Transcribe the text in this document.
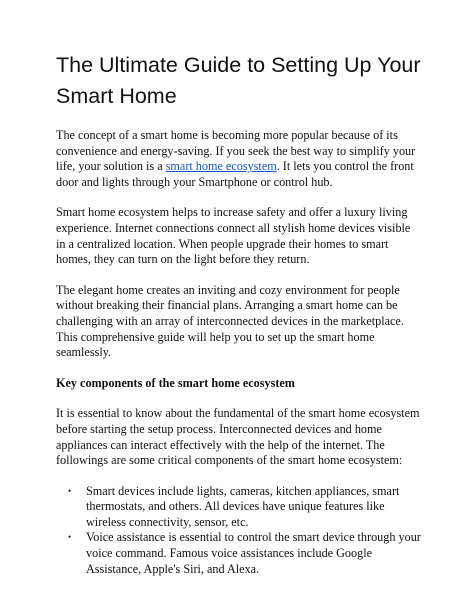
The Ultimate Guide to Setting Up Your Smart Home

The concept of a smart home is becoming more popular because of its convenience and energy-saving. If you seek the best way to simplify your life, your solution is a smart home ecosystem. It lets you control the front door and lights through your Smartphone or control hub.

Smart home ecosystem helps to increase safety and offer a luxury living experience. Internet connections connect all stylish home devices visible in a centralized location. When people upgrade their homes to smart homes, they can turn on the light before they return.

The elegant home creates an inviting and cozy environment for people without breaking their financial plans. Arranging a smart home can be challenging with an array of interconnected devices in the marketplace. This comprehensive guide will help you to set up the smart home seamlessly.

Key components of the smart home ecosystem

It is essential to know about the fundamental of the smart home ecosystem before starting the setup process. Interconnected devices and home appliances can interact effectively with the help of the internet. The followings are some critical components of the smart home ecosystem:

• Smart devices include lights, cameras, kitchen appliances, smart thermostats, and others. All devices have unique features like wireless connectivity, sensor, etc.
• Voice assistance is essential to control the smart device through your voice command. Famous voice assistances include Google Assistance, Apple's Siri, and Alexa.
